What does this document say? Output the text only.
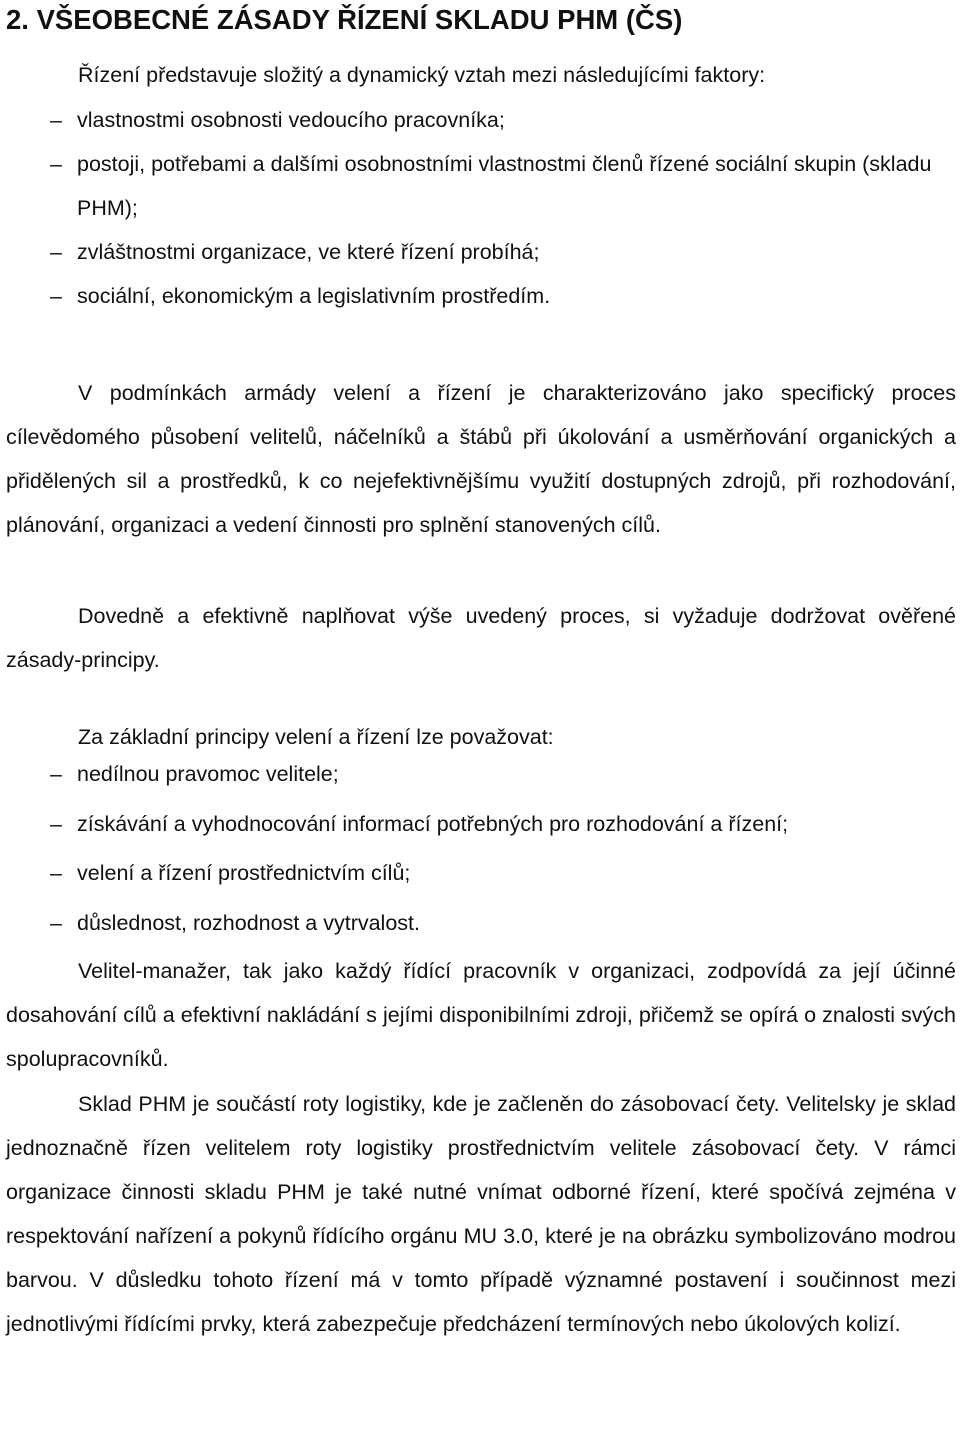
2. VŠEOBECNÉ ZÁSADY ŘÍZENÍ SKLADU PHM (ČS)

Řízení představuje složitý a dynamický vztah mezi následujícími faktory:

– vlastnostmi osobnosti vedoucího pracovníka;
– postoji, potřebami a dalšími osobnostními vlastnostmi členů řízené sociální skupin (skladu PHM);
– zvláštnostmi organizace, ve které řízení probíhá;
– sociální, ekonomickým a legislativním prostředím.

V podmínkách armády velení a řízení je charakterizováno jako specifický proces cílevědomého působení velitelů, náčelníků a štábů při úkolování a usměrňování organických a přidělených sil a prostředků, k co nejefektivnějšímu využití dostupných zdrojů, při rozhodování, plánování, organizaci a vedení činnosti pro splnění stanovených cílů.

Dovedně a efektivně naplňovat výše uvedený proces, si vyžaduje dodržovat ověřené zásady-principy.

Za základní principy velení a řízení lze považovat:

– nedílnou pravomoc velitele;
– získávání a vyhodnocování informací potřebných pro rozhodování a řízení;
– velení a řízení prostřednictvím cílů;
– důslednost, rozhodnost a vytrvalost.

Velitel-manažer, tak jako každý řídící pracovník v organizaci, zodpovídá za její účinné dosahování cílů a efektivní nakládání s jejími disponibilními zdroji, přičemž se opírá o znalosti svých spolupracovníků.

Sklad PHM je součástí roty logistiky, kde je začleněn do zásobovací čety. Velitelsky je sklad jednoznačně řízen velitelem roty logistiky prostřednictvím velitele zásobovací čety. V rámci organizace činnosti skladu PHM je také nutné vnímat odborné řízení, které spočívá zejména v respektování nařízení a pokynů řídícího orgánu MU 3.0, které je na obrázku symbolizováno modrou barvou. V důsledku tohoto řízení má v tomto případě významné postavení i součinnost mezi jednotlivými řídícími prvky, která zabezpečuje předcházení termínových nebo úkolových kolizí.
